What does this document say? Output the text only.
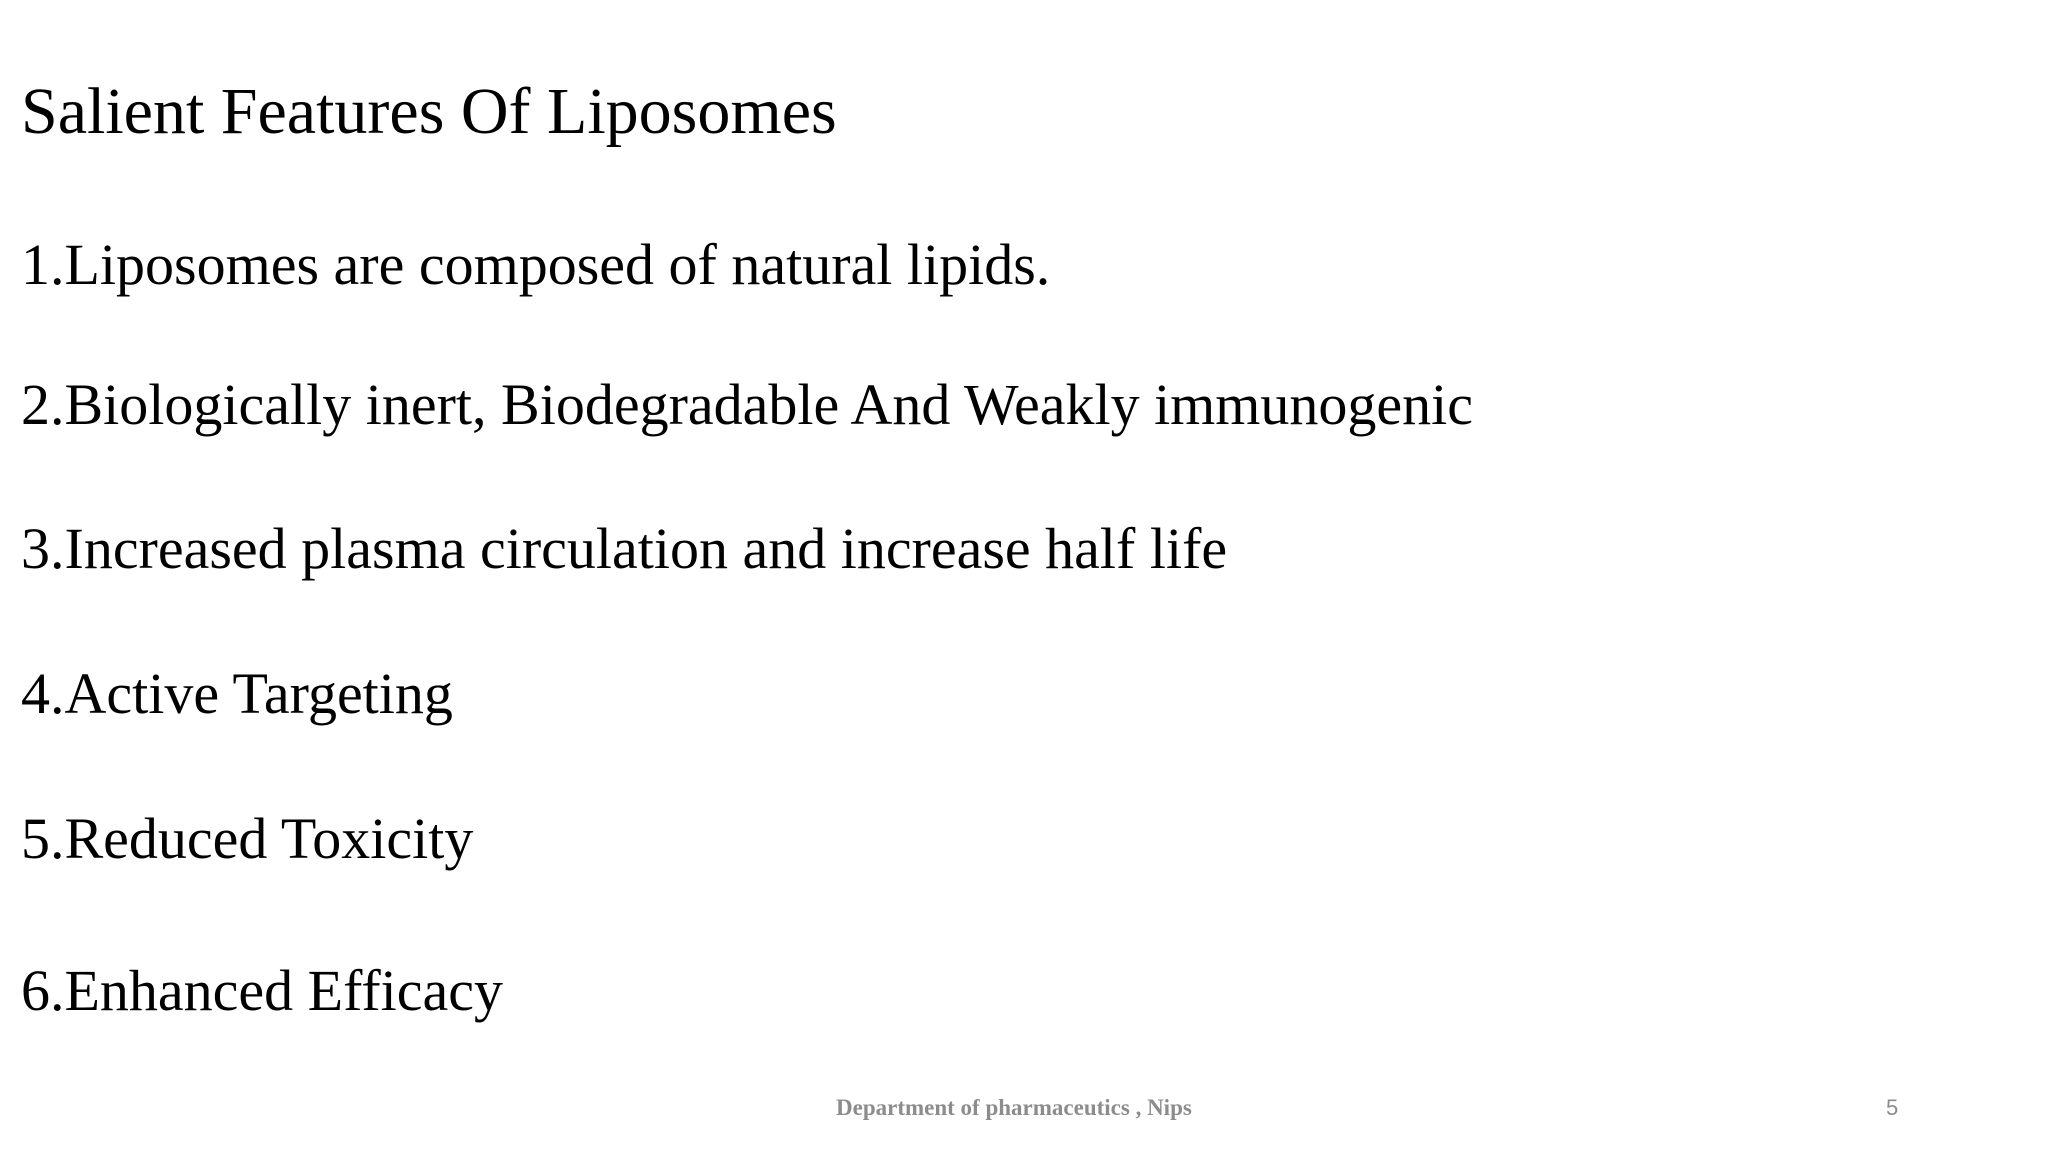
Salient Features Of Liposomes
1.Liposomes are composed of natural lipids.
2.Biologically inert, Biodegradable And Weakly immunogenic
3.Increased plasma circulation and increase half life
4.Active Targeting
5.Reduced Toxicity
6.Enhanced Efficacy
Department of pharmaceutics , Nips	5
